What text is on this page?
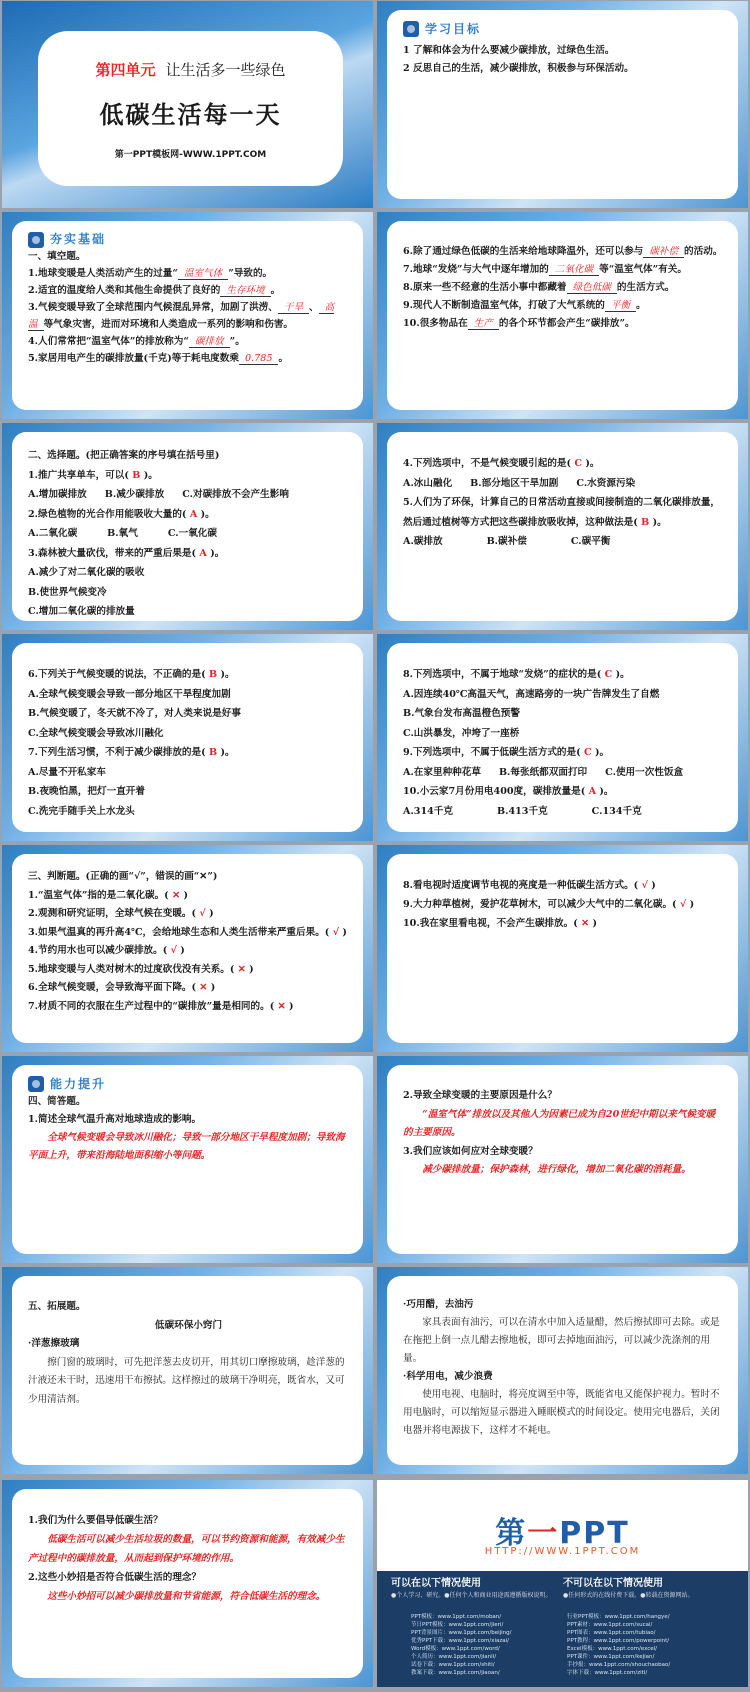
第四单元 让生活多一些绿色
低碳生活每一天
第一PPT模板网-WWW.1PPT.COM
学习目标

1 了解和体会为什么要减少碳排放，过绿色生活。

2 反思自己的生活，减少碳排放，积极参与环保活动。

夯实基础

一、填空题。

1.地球变暖是人类活动产生的过量“ 温室气体 ”导致的。

2.适宜的温度给人类和其他生命提供了良好的 生存环境 。

3.气候变暖导致了全球范围内气候混乱异常，加剧了洪涝、 干旱 、 高温 等气象灾害，进而对环境和人类造成一系列的影响和伤害。

4.人们常常把“温室气体”的排放称为“ 碳排放 ”。

5.家居用电产生的碳排放量(千克)等于耗电度数乘 0.785 。

6.除了通过绿色低碳的生活来给地球降温外，还可以参与 碳补偿 的活动。

7.地球“发烧”与大气中逐年增加的 二氧化碳 等“温室气体”有关。

8.原来一些不经意的生活小事中都藏着 绿色低碳 的生活方式。

9.现代人不断制造温室气体，打破了大气系统的 平衡 。

10.很多物品在 生产 的各个环节都会产生“碳排放”。

二、选择题。(把正确答案的序号填在括号里)

1.推广共享单车，可以( B )。

A.增加碳排放 B.减少碳排放 C.对碳排放不会产生影响

2.绿色植物的光合作用能吸收大量的( A )。

A.二氧化碳	B.氧气	C.一氧化碳

3.森林被大量砍伐，带来的严重后果是( A )。

A.减少了对二氧化碳的吸收

B.使世界气候变冷

C.增加二氧化碳的排放量

4.下列选项中，不是气候变暖引起的是( C )。

A.冰山融化 B.部分地区干旱加剧 C.水资源污染

5.人们为了环保，计算自己的日常活动直接或间接制造的二氧化碳排放量，然后通过植树等方式把这些碳排放吸收掉，这种做法是( B )。

A.碳排放	B.碳补偿	C.碳平衡

6.下列关于气候变暖的说法，不正确的是( B )。

A.全球气候变暖会导致一部分地区干旱程度加剧

B.气候变暖了，冬天就不冷了，对人类来说是好事

C.全球气候变暖会导致冰川融化

7.下列生活习惯，不利于减少碳排放的是( B )。

A.尽量不开私家车

B.夜晚怕黑，把灯一直开着

C.洗完手随手关上水龙头

8.下列选项中，不属于地球“发烧”的症状的是( C )。

A.因连续40℃高温天气，高速路旁的一块广告牌发生了自燃

B.气象台发布高温橙色预警

C.山洪暴发，冲垮了一座桥

9.下列选项中，不属于低碳生活方式的是( C )。

A.在家里种种花草 B.每张纸都双面打印 C.使用一次性饭盒

10.小云家7月份用电400度，碳排放量是( A )。

A.314千克	B.413千克	C.134千克

三、判断题。(正确的画“√”，错误的画“✕”)

1.“温室气体”指的是二氧化碳。( ✕ )

2.观测和研究证明，全球气候在变暖。( √ )

3.如果气温真的再升高4℃，会给地球生态和人类生活带来严重后果。( √ )

4.节约用水也可以减少碳排放。( √ )

5.地球变暖与人类对树木的过度砍伐没有关系。( ✕ )

6.全球气候变暖，会导致海平面下降。( ✕ )

7.材质不同的衣服在生产过程中的“碳排放”量是相同的。( ✕ )

8.看电视时适度调节电视的亮度是一种低碳生活方式。( √ )

9.大力种草植树，爱护花草树木，可以减少大气中的二氧化碳。( √ )

10.我在家里看电视，不会产生碳排放。( ✕ )

能力提升

四、简答题。

1.简述全球气温升高对地球造成的影响。

全球气候变暖会导致冰川融化；导致一部分地区干旱程度加剧；导致海平面上升，带来沿海陆地面积缩小等问题。

2.导致全球变暖的主要原因是什么？

“温室气体”排放以及其他人为因素已成为自20世纪中期以来气候变暖的主要原因。

3.我们应该如何应对全球变暖？

减少碳排放量；保护森林，进行绿化，增加二氧化碳的消耗量。

五、拓展题。

低碳环保小窍门

·洋葱擦玻璃

擦门窗的玻璃时，可先把洋葱去皮切开，用其切口摩擦玻璃，趁洋葱的汁液还未干时，迅速用干布擦拭。这样擦过的玻璃干净明亮，既省水，又可少用清洁剂。

·巧用醋，去油污

家具表面有油污，可以在清水中加入适量醋，然后擦拭即可去除。或是在拖把上倒一点儿醋去擦地板，即可去掉地面油污，可以减少洗涤剂的用量。

·科学用电，减少浪费

使用电视、电脑时，将亮度调至中等，既能省电又能保护视力。暂时不用电脑时，可以缩短显示器进入睡眠模式的时间设定。使用完电器后，关闭电器并将电源拔下，这样才不耗电。

1.我们为什么要倡导低碳生活？

低碳生活可以减少生活垃圾的数量，可以节约资源和能源，有效减少生产过程中的碳排放量，从而起到保护环境的作用。

2.这些小妙招是否符合低碳生活的理念？

这些小妙招可以减少碳排放量和节省能源，符合低碳生活的理念。

第一PPT
HTTP://WWW.1PPT.COM
可以在以下情况使用
●个人学习、研究。●任何个人和商业用途需遵循版权说明。
不可以在以下情况使用
●任何形式的在线付费下载。●转载在资源网站。
PPT模板：www.1ppt.com/moban/
节日PPT模板：www.1ppt.com/jieri/
PPT背景图片：www.1ppt.com/beijing/
优秀PPT下载：www.1ppt.com/xiazai/
Word模板：www.1ppt.com/word/
个人简历：www.1ppt.com/jianli/
试卷下载：www.1ppt.com/shiti/
教案下载：www.1ppt.com/jiaoan/
行业PPT模板：www.1ppt.com/hangye/
PPT素材：www.1ppt.com/sucai/
PPT图表：www.1ppt.com/tubiao/
PPT教程：www.1ppt.com/powerpoint/
Excel模板：www.1ppt.com/excel/
PPT课件：www.1ppt.com/kejian/
手抄报：www.1ppt.com/shouchaobao/
字体下载：www.1ppt.com/ziti/
